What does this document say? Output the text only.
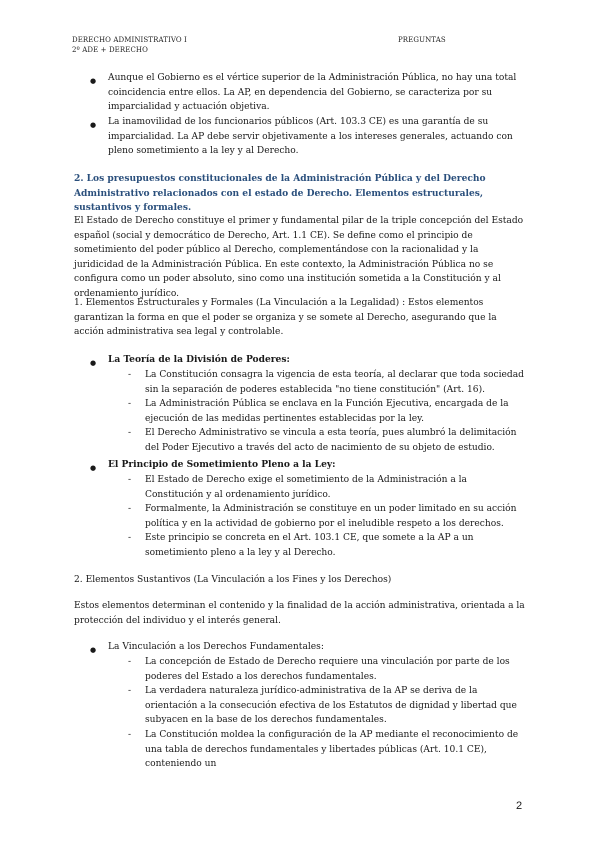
DERECHO ADMINISTRATIVO I
2º ADE + DERECHO
PREGUNTAS
● Aunque el Gobierno es el vértice superior de la Administración Pública, no hay una total coincidencia entre ellos. La AP, en dependencia del Gobierno, se caracteriza por su imparcialidad y actuación objetiva.

● La inamovilidad de los funcionarios públicos (Art. 103.3 CE) es una garantía de su imparcialidad. La AP debe servir objetivamente a los intereses generales, actuando con pleno sometimiento a la ley y al Derecho.

2. Los presupuestos constitucionales de la Administración Pública y del Derecho Administrativo relacionados con el estado de Derecho. Elementos estructurales, sustantivos y formales.

El Estado de Derecho constituye el primer y fundamental pilar de la triple concepción del Estado español (social y democrático de Derecho, Art. 1.1 CE). Se define como el principio de sometimiento del poder público al Derecho, complementándose con la racionalidad y la juridicidad de la Administración Pública. En este contexto, la Administración Pública no se configura como un poder absoluto, sino como una institución sometida a la Constitución y al ordenamiento jurídico.

1. Elementos Estructurales y Formales (La Vinculación a la Legalidad) : Estos elementos garantizan la forma en que el poder se organiza y se somete al Derecho, asegurando que la acción administrativa sea legal y controlable.

● La Teoría de la División de Poderes:

- La Constitución consagra la vigencia de esta teoría, al declarar que toda sociedad sin la separación de poderes establecida "no tiene constitución" (Art. 16).

- La Administración Pública se enclava en la Función Ejecutiva, encargada de la ejecución de las medidas pertinentes establecidas por la ley.

- El Derecho Administrativo se vincula a esta teoría, pues alumbró la delimitación del Poder Ejecutivo a través del acto de nacimiento de su objeto de estudio.

● El Principio de Sometimiento Pleno a la Ley:

- El Estado de Derecho exige el sometimiento de la Administración a la Constitución y al ordenamiento jurídico.

- Formalmente, la Administración se constituye en un poder limitado en su acción política y en la actividad de gobierno por el ineludible respeto a los derechos.

- Este principio se concreta en el Art. 103.1 CE, que somete a la AP a un sometimiento pleno a la ley y al Derecho.

2. Elementos Sustantivos (La Vinculación a los Fines y los Derechos)

Estos elementos determinan el contenido y la finalidad de la acción administrativa, orientada a la protección del individuo y el interés general.

● La Vinculación a los Derechos Fundamentales:

- La concepción de Estado de Derecho requiere una vinculación por parte de los poderes del Estado a los derechos fundamentales.

- La verdadera naturaleza jurídico-administrativa de la AP se deriva de la orientación a la consecución efectiva de los Estatutos de dignidad y libertad que subyacen en la base de los derechos fundamentales.

- La Constitución moldea la configuración de la AP mediante el reconocimiento de una tabla de derechos fundamentales y libertades públicas (Art. 10.1 CE), conteniendo un

2
